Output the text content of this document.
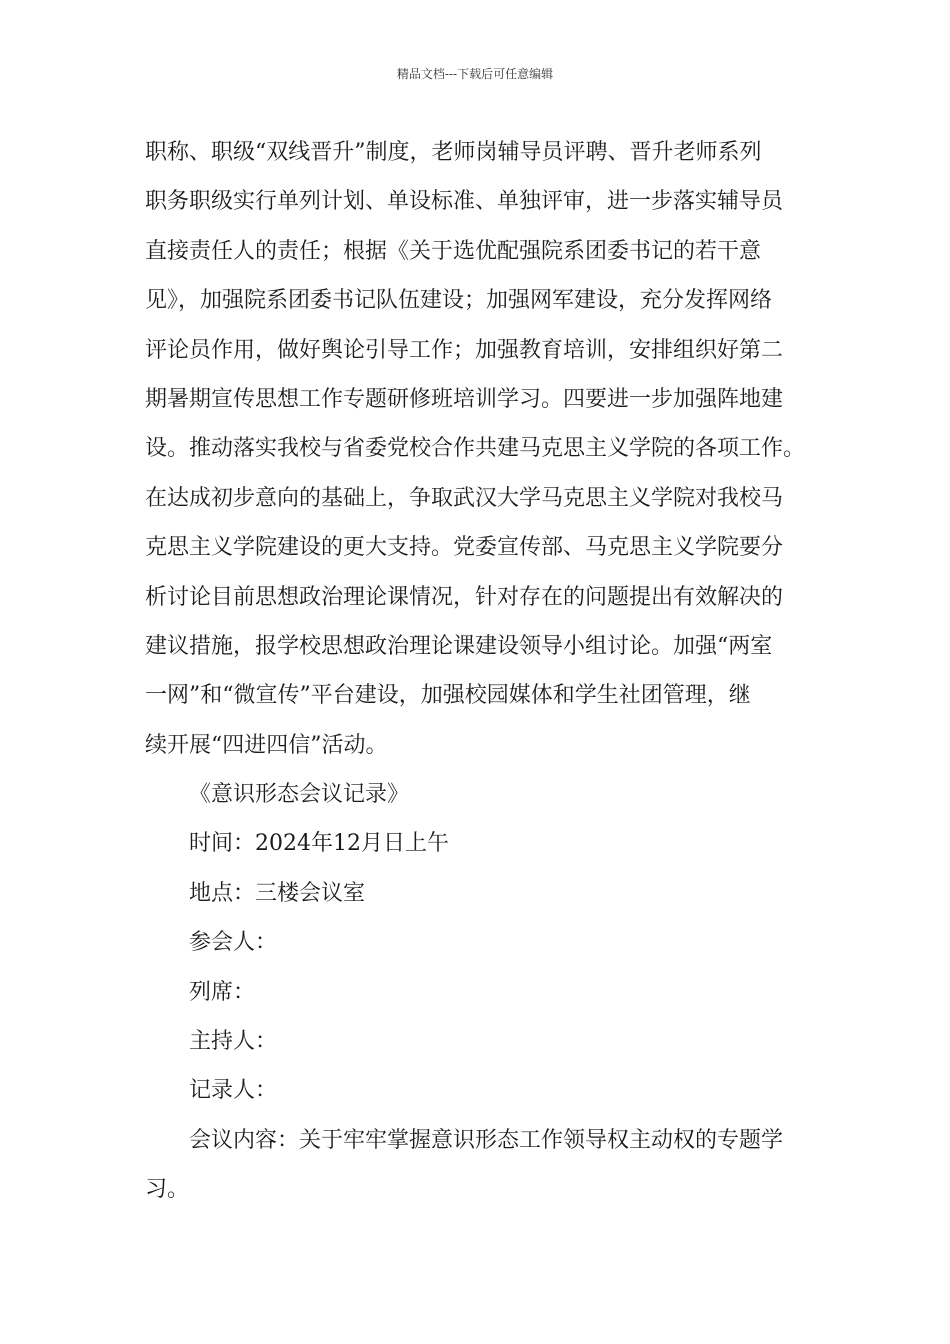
精品文档---下载后可任意编辑
职称、职级“双线晋升”制度，老师岗辅导员评聘、晋升老师系列
职务职级实行单列计划、单设标准、单独评审，进一步落实辅导员
直接责任人的责任；根据《关于选优配强院系团委书记的若干意
见》，加强院系团委书记队伍建设；加强网军建设，充分发挥网络
评论员作用，做好舆论引导工作；加强教育培训，安排组织好第二
期暑期宣传思想工作专题研修班培训学习。四要进一步加强阵地建
设。推动落实我校与省委党校合作共建马克思主义学院的各项工作。
在达成初步意向的基础上，争取武汉大学马克思主义学院对我校马
克思主义学院建设的更大支持。党委宣传部、马克思主义学院要分
析讨论目前思想政治理论课情况，针对存在的问题提出有效解决的
建议措施，报学校思想政治理论课建设领导小组讨论。加强“两室
一网”和“微宣传”平台建设，加强校园媒体和学生社团管理，继
续开展“四进四信”活动。
《意识形态会议记录》
时间：2024年12月日上午
地点：三楼会议室
参会人：
列席：
主持人：
记录人：
会议内容：关于牢牢掌握意识形态工作领导权主动权的专题学
习。
